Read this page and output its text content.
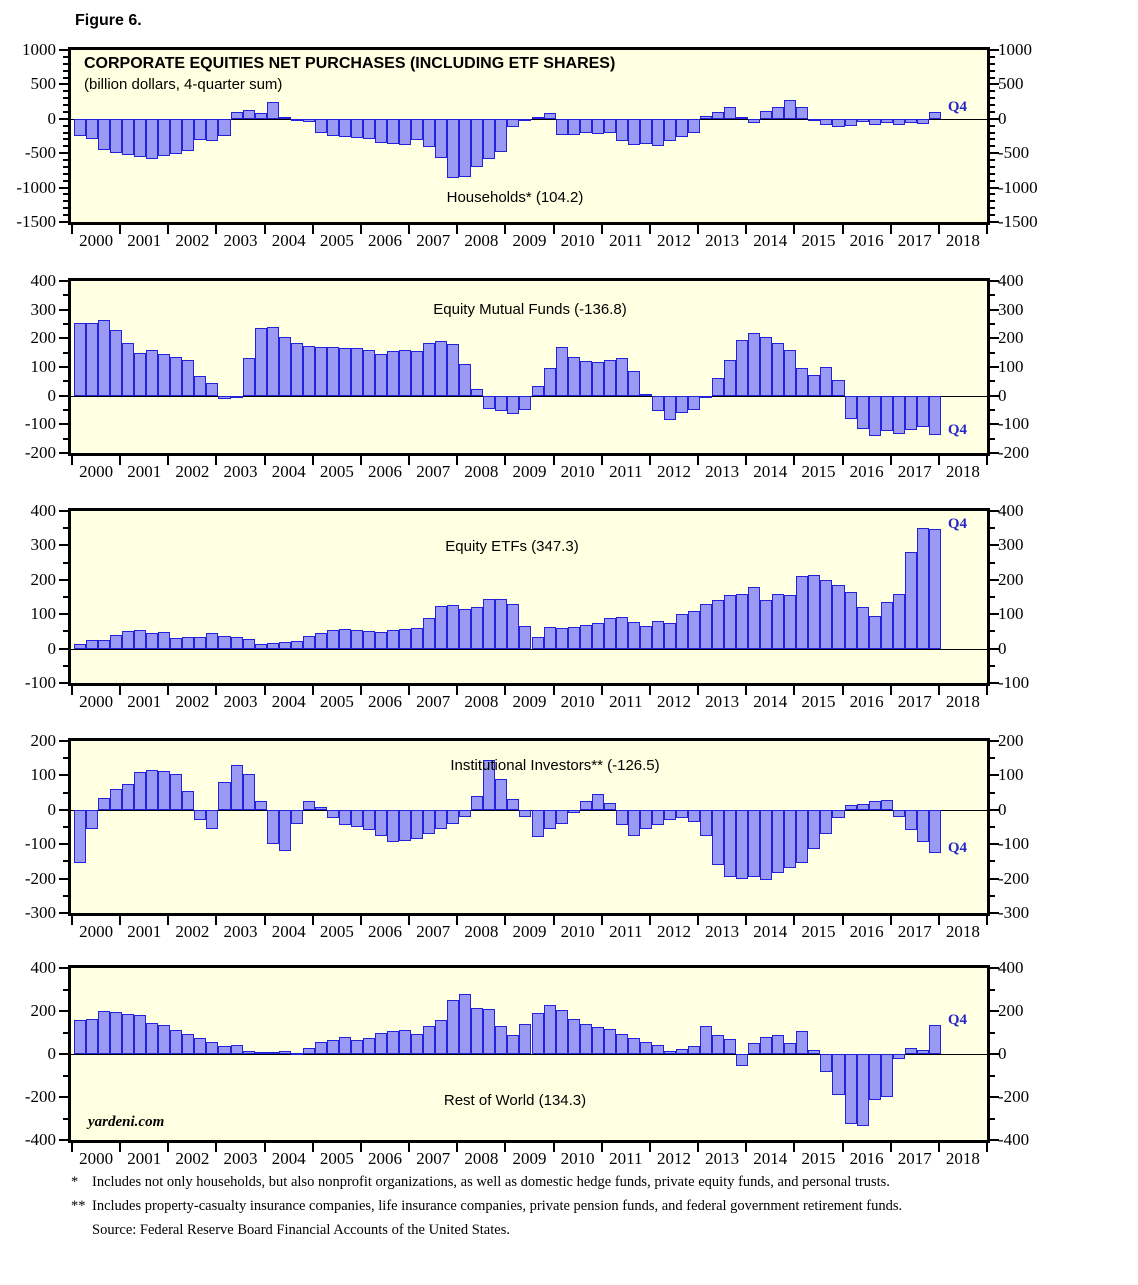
Figure 6.
1000	1000
500	500
0	0
-500	-500
-1000	-1000
-1500	-1500
2000 2001 2002 2003 2004 2005 2006 2007 2008 2009 2010 2011 2012 2013 2014 2015 2016 2017 2018
Q4
400	400
300	300
200	200
100	100
0	0
-100	-100
-200	-200
2000 2001 2002 2003 2004 2005 2006 2007 2008 2009 2010 2011 2012 2013 2014 2015 2016 2017 2018
Q4
400	400
300	300
200	200
100	100
0	0
-100	-100
2000 2001 2002 2003 2004 2005 2006 2007 2008 2009 2010 2011 2012 2013 2014 2015 2016 2017 2018
Q4
200	200
100	100
0	0
-100	-100
-200	-200
-300	-300
2000 2001 2002 2003 2004 2005 2006 2007 2008 2009 2010 2011 2012 2013 2014 2015 2016 2017 2018
Q4
400	400
200	200
0	0
-200	-200
-400	-400
2000 2001 2002 2003 2004 2005 2006 2007 2008 2009 2010 2011 2012 2013 2014 2015 2016 2017 2018
Q4
CORPORATE EQUITIES NET PURCHASES (INCLUDING ETF SHARES)
(billion dollars, 4-quarter sum)
Households* (104.2)
Equity Mutual Funds (-136.8)
Equity ETFs (347.3)
Institutional Investors** (-126.5)
Rest of World (134.3)
yardeni.com
* Includes not only households, but also nonprofit organizations, as well as domestic hedge funds, private equity funds, and personal trusts.
** Includes property-casualty insurance companies, life insurance companies, private pension funds, and federal government retirement funds.
Source: Federal Reserve Board Financial Accounts of the United States.
